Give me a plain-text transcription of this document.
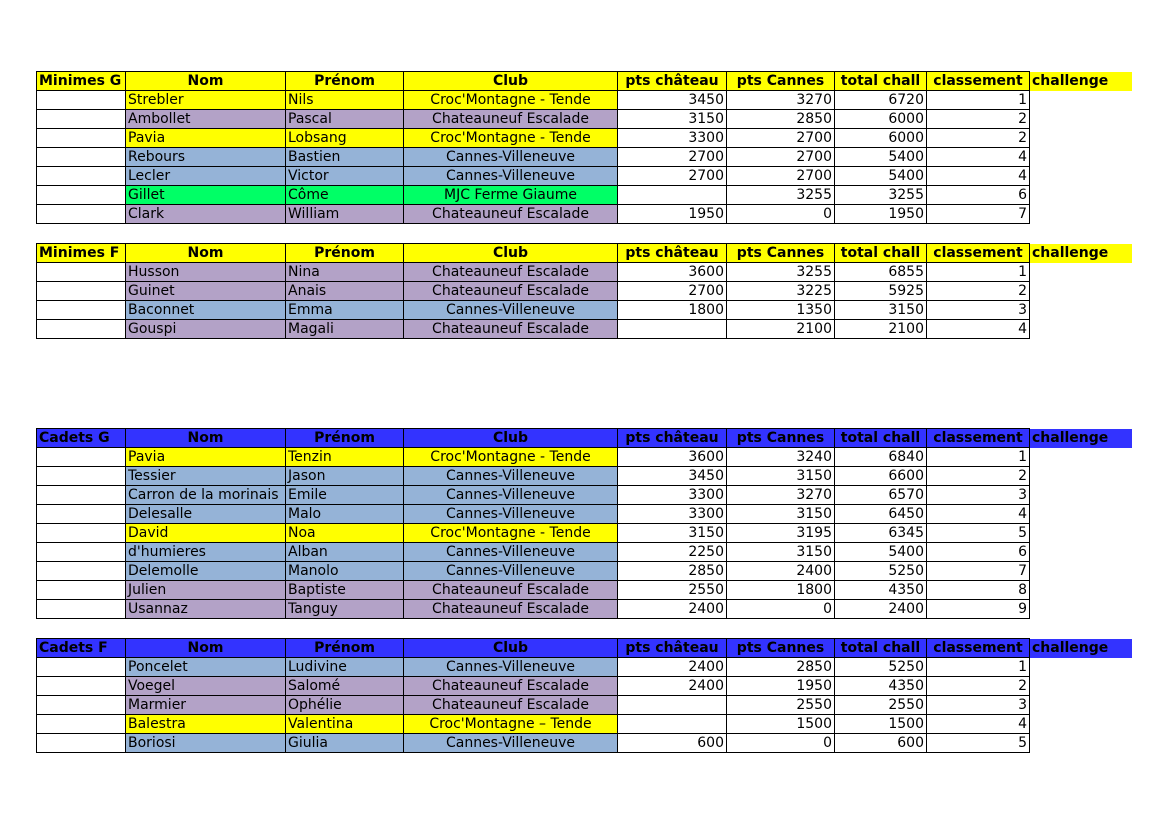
Minimes G	Nom	Prénom	Club	pts château	pts Cannes	total chall	classement	challenge
	Strebler	Nils	Croc'Montagne - Tende	3450	3270	6720	1	
	Ambollet	Pascal	Chateauneuf Escalade	3150	2850	6000	2	
	Pavia	Lobsang	Croc'Montagne - Tende	3300	2700	6000	2	
	Rebours	Bastien	Cannes-Villeneuve	2700	2700	5400	4	
	Lecler	Victor	Cannes-Villeneuve	2700	2700	5400	4	
	Gillet	Côme	MJC Ferme Giaume		3255	3255	6	
	Clark	William	Chateauneuf Escalade	1950	0	1950	7	
Minimes F	Nom	Prénom	Club	pts château	pts Cannes	total chall	classement	challenge
	Husson	Nina	Chateauneuf Escalade	3600	3255	6855	1	
	Guinet	Anais	Chateauneuf Escalade	2700	3225	5925	2	
	Baconnet	Emma	Cannes-Villeneuve	1800	1350	3150	3	
	Gouspi	Magali	Chateauneuf Escalade		2100	2100	4	
Cadets G	Nom	Prénom	Club	pts château	pts Cannes	total chall	classement	challenge
	Pavia	Tenzin	Croc'Montagne - Tende	3600	3240	6840	1	
	Tessier	Jason	Cannes-Villeneuve	3450	3150	6600	2	
	Carron de la morinais	Emile	Cannes-Villeneuve	3300	3270	6570	3	
	Delesalle	Malo	Cannes-Villeneuve	3300	3150	6450	4	
	David	Noa	Croc'Montagne - Tende	3150	3195	6345	5	
	d'humieres	Alban	Cannes-Villeneuve	2250	3150	5400	6	
	Delemolle	Manolo	Cannes-Villeneuve	2850	2400	5250	7	
	Julien	Baptiste	Chateauneuf Escalade	2550	1800	4350	8	
	Usannaz	Tanguy	Chateauneuf Escalade	2400	0	2400	9	
Cadets F	Nom	Prénom	Club	pts château	pts Cannes	total chall	classement	challenge
	Poncelet	Ludivine	Cannes-Villeneuve	2400	2850	5250	1	
	Voegel	Salomé	Chateauneuf Escalade	2400	1950	4350	2	
	Marmier	Ophélie	Chateauneuf Escalade		2550	2550	3	
	Balestra	Valentina	Croc'Montagne – Tende		1500	1500	4	
	Boriosi	Giulia	Cannes-Villeneuve	600	0	600	5	
